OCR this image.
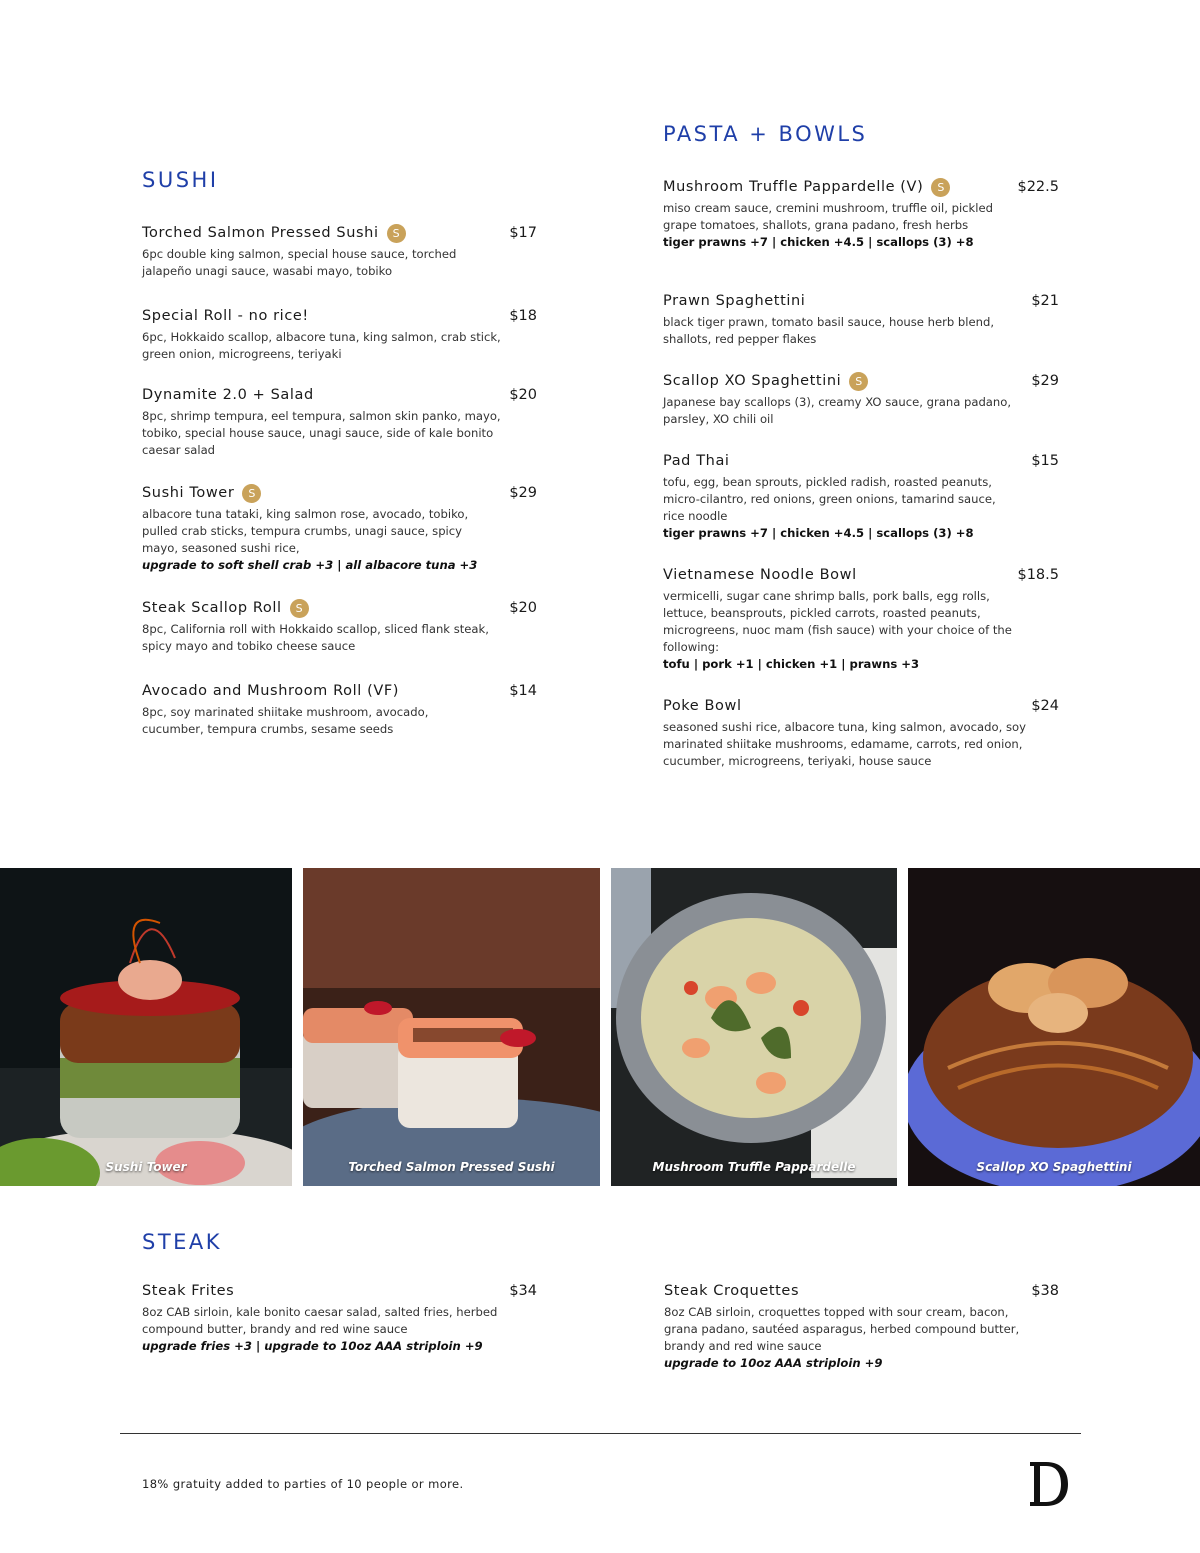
SUSHI
Torched Salmon Pressed Sushi	S	$17
6pc double king salmon, special house sauce, torched jalapeño unagi sauce, wasabi mayo, tobiko
Special Roll - no rice!	$18
6pc, Hokkaido scallop, albacore tuna, king salmon, crab stick, green onion, microgreens, teriyaki
Dynamite 2.0 + Salad	$20
8pc, shrimp tempura, eel tempura, salmon skin panko, mayo, tobiko, special house sauce, unagi sauce, side of kale bonito caesar salad
Sushi Tower	S	$29
albacore tuna tataki, king salmon rose, avocado, tobiko, pulled crab sticks, tempura crumbs, unagi sauce, spicy mayo, seasoned sushi rice,
upgrade to soft shell crab +3 | all albacore tuna +3
Steak Scallop Roll	S	$20
8pc, California roll with Hokkaido scallop, sliced flank steak, spicy mayo and tobiko cheese sauce
Avocado and Mushroom Roll (VF)	$14
8pc, soy marinated shiitake mushroom, avocado, cucumber, tempura crumbs, sesame seeds
PASTA + BOWLS
Mushroom Truffle Pappardelle (V)	S	$22.5
miso cream sauce, cremini mushroom, truffle oil, pickled grape tomatoes, shallots, grana padano, fresh herbs
tiger prawns +7 | chicken +4.5 | scallops (3) +8
Prawn Spaghettini	$21
black tiger prawn, tomato basil sauce, house herb blend, shallots, red pepper flakes
Scallop XO Spaghettini	S	$29
Japanese bay scallops (3), creamy XO sauce, grana padano, parsley, XO chili oil
Pad Thai	$15
tofu, egg, bean sprouts, pickled radish, roasted peanuts, micro-cilantro, red onions, green onions, tamarind sauce, rice noodle
tiger prawns +7 | chicken +4.5 | scallops (3) +8
Vietnamese Noodle Bowl	$18.5
vermicelli, sugar cane shrimp balls, pork balls, egg rolls, lettuce, beansprouts, pickled carrots, roasted peanuts, microgreens, nuoc mam (fish sauce) with your choice of the following:
tofu | pork +1 | chicken +1 | prawns +3
Poke Bowl	$24
seasoned sushi rice, albacore tuna, king salmon, avocado, soy marinated shiitake mushrooms, edamame, carrots, red onion, cucumber, microgreens, teriyaki, house sauce
Sushi Tower	Torched Salmon Pressed Sushi	Mushroom Truffle Pappardelle	Scallop XO Spaghettini
STEAK
Steak Frites	$34
8oz CAB sirloin, kale bonito caesar salad, salted fries, herbed compound butter, brandy and red wine sauce
upgrade fries +3 | upgrade to 10oz AAA striploin +9
Steak Croquettes	$38
8oz CAB sirloin, croquettes topped with sour cream, bacon, grana padano, sautéed asparagus, herbed compound butter, brandy and red wine sauce
upgrade to 10oz AAA striploin +9
18% gratuity added to parties of 10 people or more.
